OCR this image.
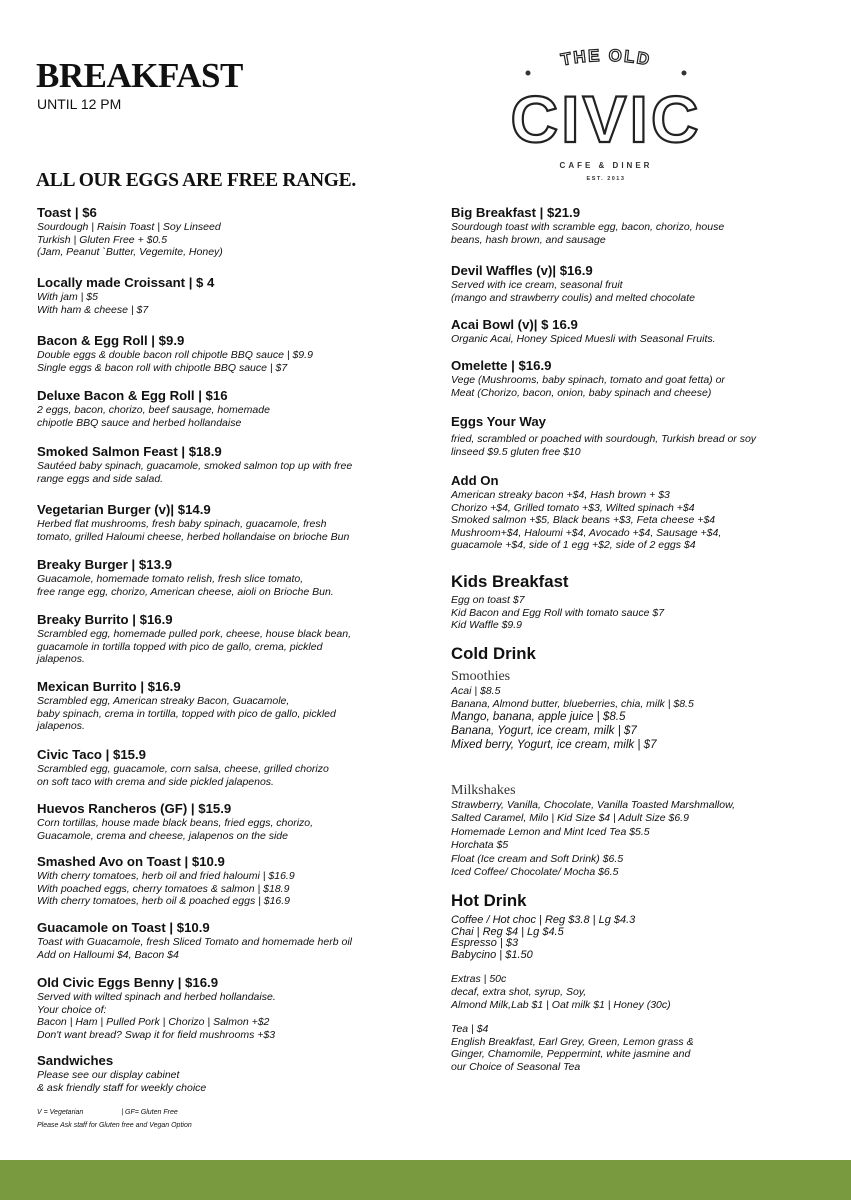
BREAKFAST
UNTIL 12 PM
ALL OUR EGGS ARE FREE RANGE.
THE OLD
CIVIC
CAFE & DINER
EST. 2013
Toast | $6
Sourdough | Raisin Toast | Soy Linseed
Turkish | Gluten Free + $0.5
(Jam, Peanut `Butter, Vegemite, Honey)
Locally made Croissant | $ 4
With jam | $5
With ham & cheese | $7
Bacon & Egg Roll | $9.9
Double eggs & double bacon roll chipotle BBQ sauce | $9.9
Single eggs & bacon roll with chipotle BBQ sauce | $7
Deluxe Bacon & Egg Roll | $16
2 eggs, bacon, chorizo, beef sausage, homemade
chipotle BBQ sauce and herbed hollandaise
Smoked Salmon Feast | $18.9
Sautéed baby spinach, guacamole, smoked salmon top up with free
range eggs and side salad.
Vegetarian Burger (v)| $14.9
Herbed flat mushrooms, fresh baby spinach, guacamole, fresh
tomato, grilled Haloumi cheese, herbed hollandaise on brioche Bun
Breaky Burger | $13.9
Guacamole, homemade tomato relish, fresh slice tomato,
free range egg, chorizo, American cheese, aioli on Brioche Bun.
Breaky Burrito | $16.9
Scrambled egg, homemade pulled pork, cheese, house black bean,
guacamole in tortilla topped with pico de gallo, crema, pickled
jalapenos.
Mexican Burrito | $16.9
Scrambled egg, American streaky Bacon, Guacamole,
baby spinach, crema in tortilla, topped with pico de gallo, pickled
jalapenos.
Civic Taco | $15.9
Scrambled egg, guacamole, corn salsa, cheese, grilled chorizo
on soft taco with crema and side pickled jalapenos.
Huevos Rancheros (GF) | $15.9
Corn tortillas, house made black beans, fried eggs, chorizo,
Guacamole, crema and cheese, jalapenos on the side
Smashed Avo on Toast | $10.9
With cherry tomatoes, herb oil and fried haloumi | $16.9
With poached eggs, cherry tomatoes & salmon | $18.9
With cherry tomatoes, herb oil & poached eggs | $16.9
Guacamole on Toast | $10.9
Toast with Guacamole, fresh Sliced Tomato and homemade herb oil
Add on Halloumi $4, Bacon $4
Old Civic Eggs Benny | $16.9
Served with wilted spinach and herbed hollandaise.
Your choice of:
Bacon | Ham | Pulled Pork | Chorizo | Salmon +$2
Don't want bread? Swap it for field mushrooms +$3
Sandwiches
Please see our display cabinet
& ask friendly staff for weekly choice
V = Vegetarian	| GF= Gluten Free
Please Ask staff for Gluten free and Vegan Option
Big Breakfast | $21.9
Sourdough toast with scramble egg, bacon, chorizo, house
beans, hash brown, and sausage
Devil Waffles (v)| $16.9
Served with ice cream, seasonal fruit
(mango and strawberry coulis) and melted chocolate
Acai Bowl (v)| $ 16.9
Organic Acai, Honey Spiced Muesli with Seasonal Fruits.
Omelette | $16.9
Vege (Mushrooms, baby spinach, tomato and goat fetta) or
Meat (Chorizo, bacon, onion, baby spinach and cheese)
Eggs Your Way
fried, scrambled or poached with sourdough, Turkish bread or soy
linseed $9.5 gluten free $10
Add On
American streaky bacon +$4, Hash brown + $3
Chorizo +$4, Grilled tomato +$3, Wilted spinach +$4
Smoked salmon +$5, Black beans +$3, Feta cheese +$4
Mushroom+$4, Haloumi +$4, Avocado +$4, Sausage +$4,
guacamole +$4, side of 1 egg +$2, side of 2 eggs $4
Kids Breakfast
Egg on toast $7
Kid Bacon and Egg Roll with tomato sauce $7
Kid Waffle $9.9
Cold Drink
Smoothies
Acai | $8.5
Banana, Almond butter, blueberries, chia, milk | $8.5
Mango, banana, apple juice | $8.5
Banana, Yogurt, ice cream, milk | $7
Mixed berry, Yogurt, ice cream, milk | $7
Milkshakes
Strawberry, Vanilla, Chocolate, Vanilla Toasted Marshmallow,
Salted Caramel, Milo | Kid Size $4 | Adult Size $6.9
Homemade Lemon and Mint Iced Tea $5.5
Horchata $5
Float (Ice cream and Soft Drink) $6.5
Iced Coffee/ Chocolate/ Mocha $6.5
Hot Drink
Coffee / Hot choc | Reg $3.8 | Lg $4.3
Chai | Reg $4 | Lg $4.5
Espresso | $3
Babycino | $1.50
Extras | 50c
decaf, extra shot, syrup, Soy,
Almond Milk,Lab $1 | Oat milk $1 | Honey (30c)
Tea | $4
English Breakfast, Earl Grey, Green, Lemon grass &
Ginger, Chamomile, Peppermint, white jasmine and
our Choice of Seasonal Tea
